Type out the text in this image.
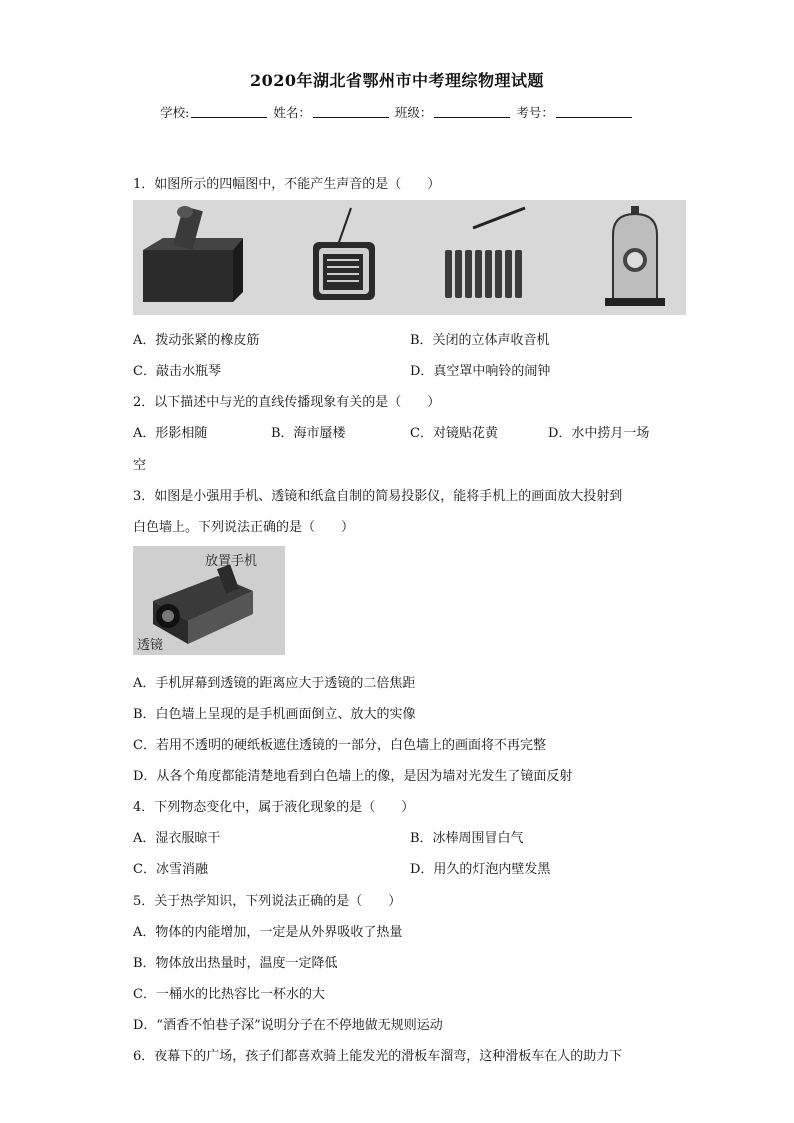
2020年湖北省鄂州市中考理综物理试题
学校:	姓名：	班级：	考号：
1．如图所示的四幅图中，不能产生声音的是（　　）
A．拨动张紧的橡皮筋	B．关闭的立体声收音机
C．敲击水瓶琴	D．真空罩中响铃的闹钟
2．以下描述中与光的直线传播现象有关的是（　　）
A．形影相随	B．海市蜃楼	C．对镜贴花黄	D．水中捞月一场
空
3．如图是小强用手机、透镜和纸盒自制的简易投影仪，能将手机上的画面放大投射到
白色墙上。下列说法正确的是（　　）
放置手机
透镜
A．手机屏幕到透镜的距离应大于透镜的二倍焦距
B．白色墙上呈现的是手机画面倒立、放大的实像
C．若用不透明的硬纸板遮住透镜的一部分，白色墙上的画面将不再完整
D．从各个角度都能清楚地看到白色墙上的像，是因为墙对光发生了镜面反射
4．下列物态变化中，属于液化现象的是（　　）
A．湿衣服晾干	B．冰棒周围冒白气
C．冰雪消融	D．用久的灯泡内壁发黑
5．关于热学知识，下列说法正确的是（　　）
A．物体的内能增加，一定是从外界吸收了热量
B．物体放出热量时，温度一定降低
C．一桶水的比热容比一杯水的大
D．“酒香不怕巷子深”说明分子在不停地做无规则运动
6．夜幕下的广场，孩子们都喜欢骑上能发光的滑板车溜弯，这种滑板车在人的助力下
